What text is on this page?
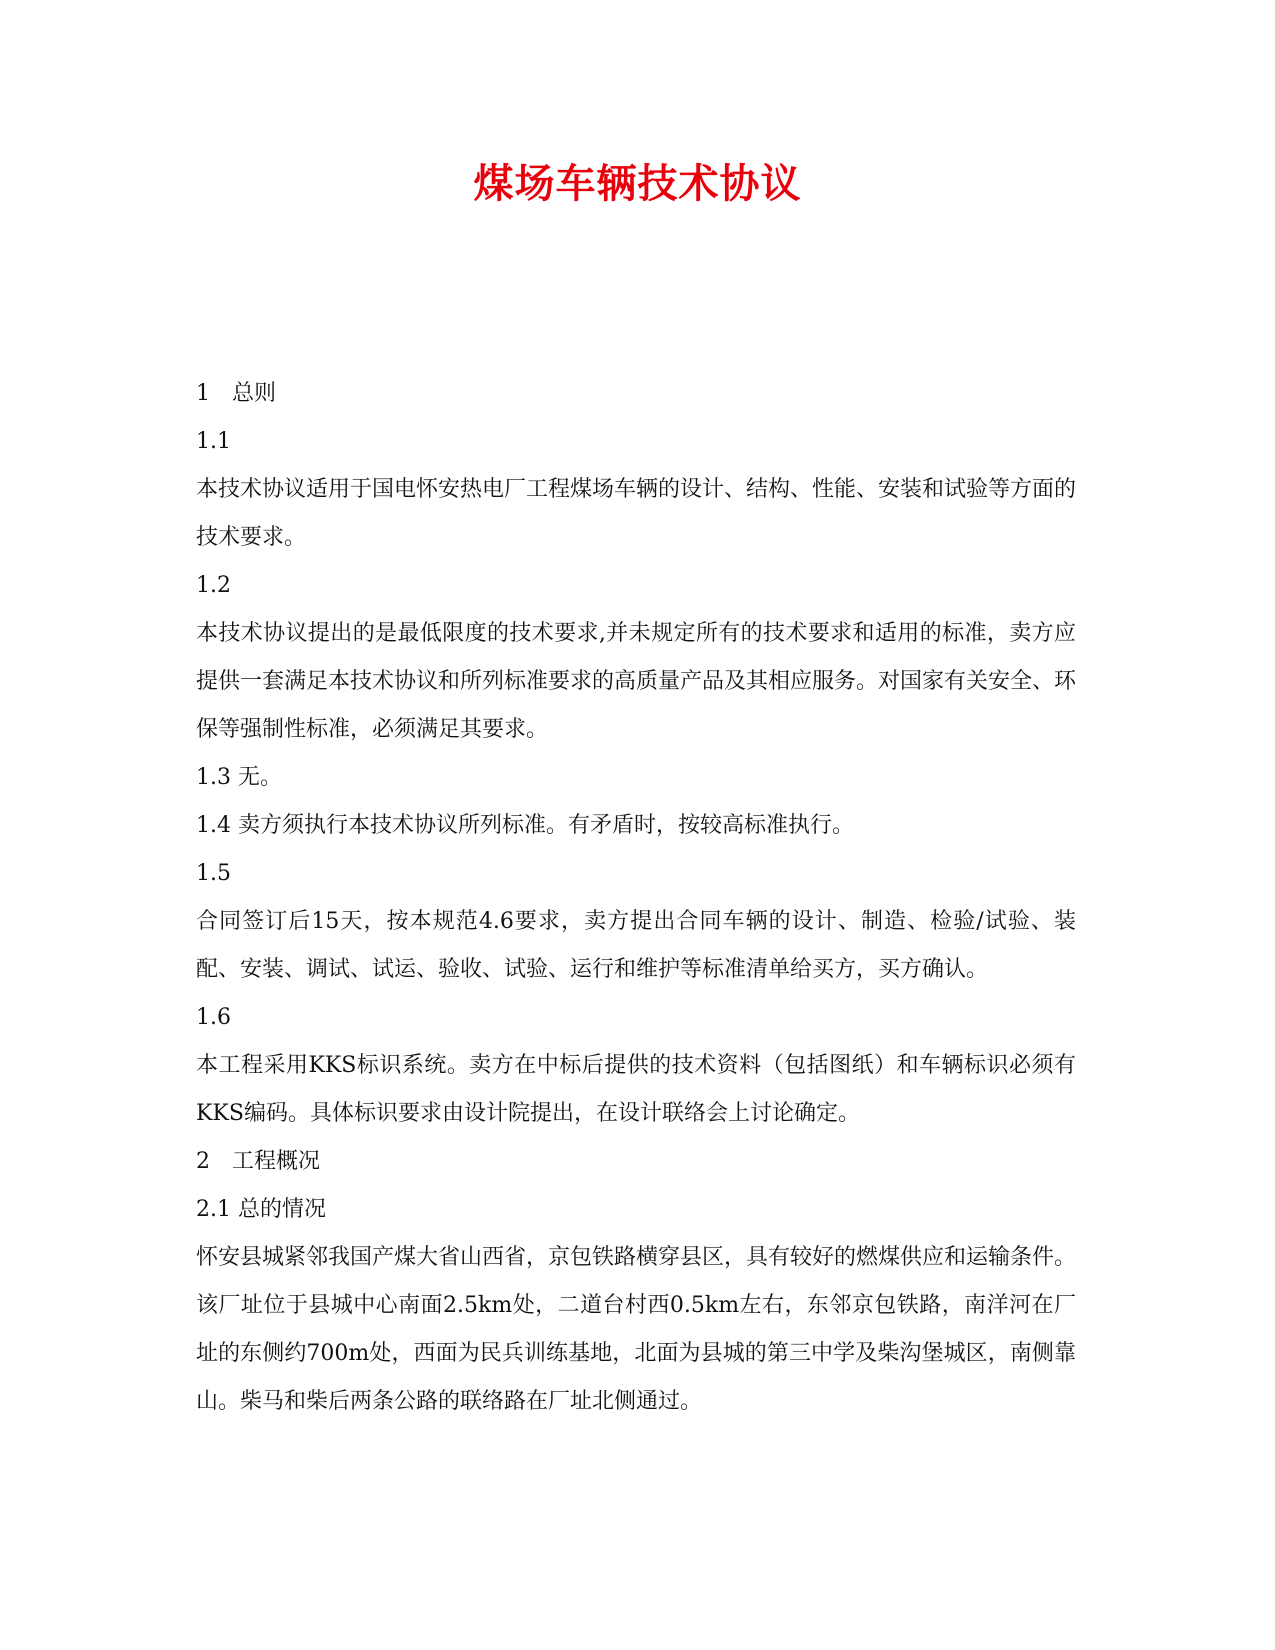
煤场车辆技术协议
1　总则
1.1
本技术协议适用于国电怀安热电厂工程煤场车辆的设计、结构、性能、安装和试验等方面的技术要求。
1.2
本技术协议提出的是最低限度的技术要求,并未规定所有的技术要求和适用的标准，卖方应提供一套满足本技术协议和所列标准要求的高质量产品及其相应服务。对国家有关安全、环保等强制性标准，必须满足其要求。
1.3 无。
1.4 卖方须执行本技术协议所列标准。有矛盾时，按较高标准执行。
1.5
合同签订后15天，按本规范4.6要求，卖方提出合同车辆的设计、制造、检验/试验、装配、安装、调试、试运、验收、试验、运行和维护等标准清单给买方，买方确认。
1.6
本工程采用KKS标识系统。卖方在中标后提供的技术资料（包括图纸）和车辆标识必须有KKS编码。具体标识要求由设计院提出，在设计联络会上讨论确定。
2　工程概况
2.1 总的情况
怀安县城紧邻我国产煤大省山西省，京包铁路横穿县区，具有较好的燃煤供应和运输条件。该厂址位于县城中心南面2.5km处，二道台村西0.5km左右，东邻京包铁路，南洋河在厂址的东侧约700m处，西面为民兵训练基地，北面为县城的第三中学及柴沟堡城区，南侧靠山。柴马和柴后两条公路的联络路在厂址北侧通过。
